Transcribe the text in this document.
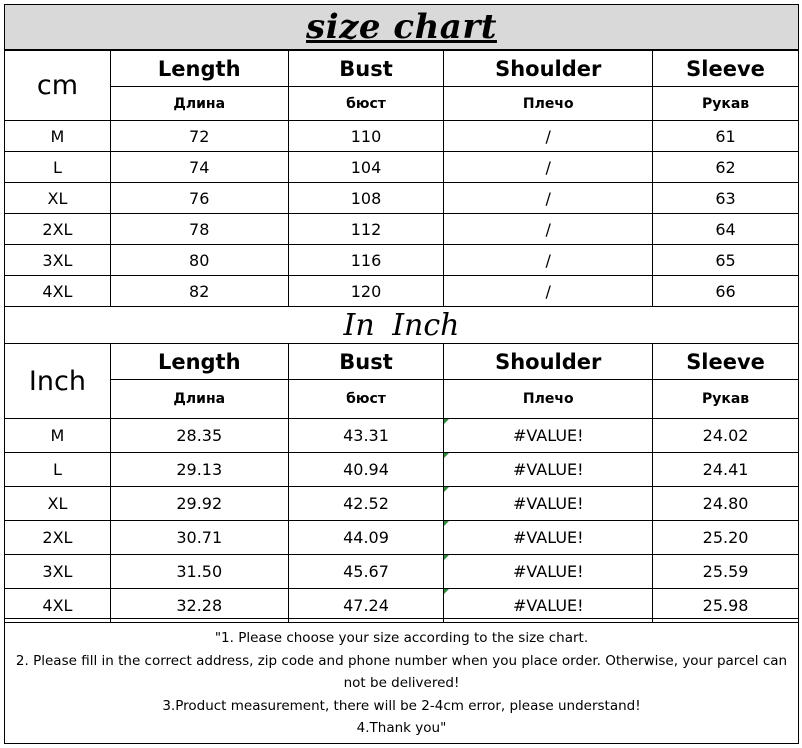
size chart
cm	Length	Bust	Shoulder	Sleeve
	Длина	бюст	Плечо	Рукав
M	72	110	/	61
L	74	104	/	62
XL	76	108	/	63
2XL	78	112	/	64
3XL	80	116	/	65
4XL	82	120	/	66
In Inch
Inch	Length	Bust	Shoulder	Sleeve
	Длина	бюст	Плечо	Рукав
M	28.35	43.31	#VALUE!	24.02
L	29.13	40.94	#VALUE!	24.41
XL	29.92	42.52	#VALUE!	24.80
2XL	30.71	44.09	#VALUE!	25.20
3XL	31.50	45.67	#VALUE!	25.59
4XL	32.28	47.24	#VALUE!	25.98
"1. Please choose your size according to the size chart.
2. Please fill in the correct address, zip code and phone number when you place order. Otherwise, your parcel can not be delivered!
3.Product measurement, there will be 2-4cm error, please understand!
4.Thank you"
